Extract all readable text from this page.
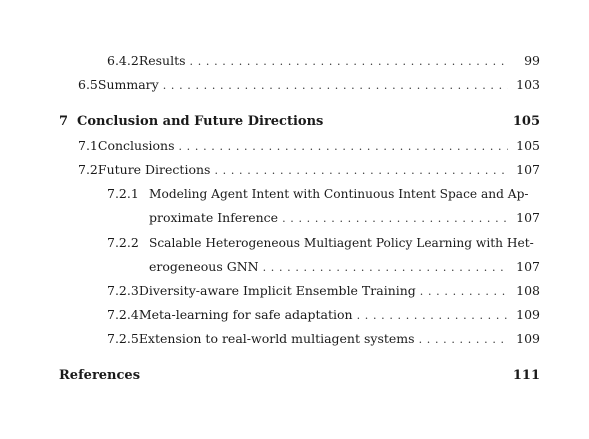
6.4.2 Results . . .	99
6.5 Summary . . .	103
7 Conclusion and Future Directions	105
7.1 Conclusions . . .	105
7.2 Future Directions . . .	107
7.2.1 Modeling Agent Intent with Continuous Intent Space and Ap-
proximate Inference . . .	107
7.2.2 Scalable Heterogeneous Multiagent Policy Learning with Het-
erogeneous GNN . . .	107
7.2.3 Diversity-aware Implicit Ensemble Training . . .	108
7.2.4 Meta-learning for safe adaptation . . .	109
7.2.5 Extension to real-world multiagent systems . . .	109
References	111
